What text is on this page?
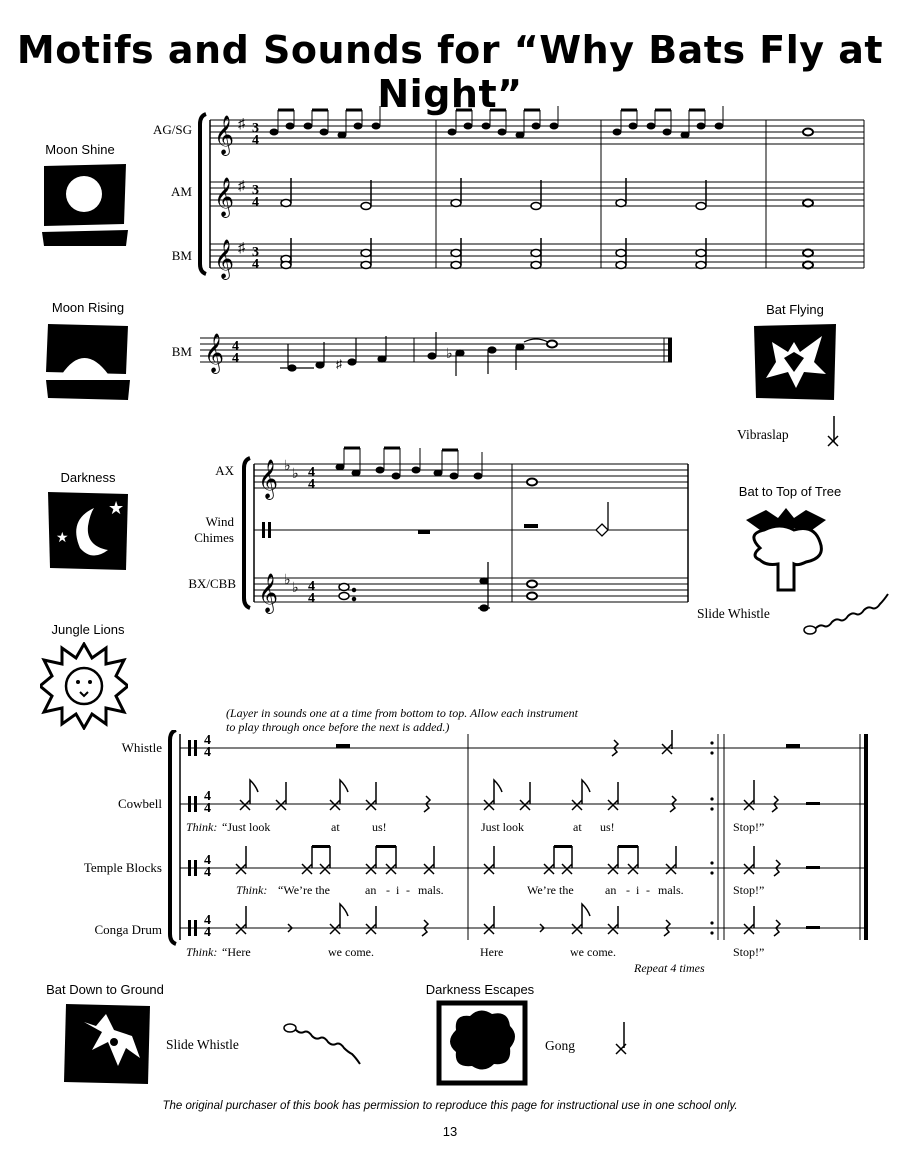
Motifs and Sounds for “Why Bats Fly at Night”
Moon Shine
Moon Rising
Darkness
★
★
Jungle Lions
Bat Flying
Vibraslap
Bat to Top of Tree
Slide Whistle
AG/SG
AM
BM
𝄞
𝄞
𝄞
♯
♯
♯
3
4
3
4
3
4
BM 𝄞 4
4	♯
♭
AX
Wind Chimes
BX/CBB
𝄞
𝄞
♭
♭
♭
♭
4
4
4
4
(Layer in sounds one at a time from bottom to top. Allow each instrument to play through once before the next is added.)
Whistle
Cowbell
Temple Blocks
Conga Drum
4
4
4
4
4
4
4
4
Think: “Just look	at	us!	Just look	at us!	Stop!”
Think: “We’re the	an - i - mals.	We’re the	an - i - mals.	Stop!”
Think: “Here	we come.	Here	we come.	Stop!”
Repeat 4 times
Bat Down to Ground
Slide Whistle
Darkness Escapes
Gong
The original purchaser of this book has permission to reproduce this page for instructional use in one school only.
13
